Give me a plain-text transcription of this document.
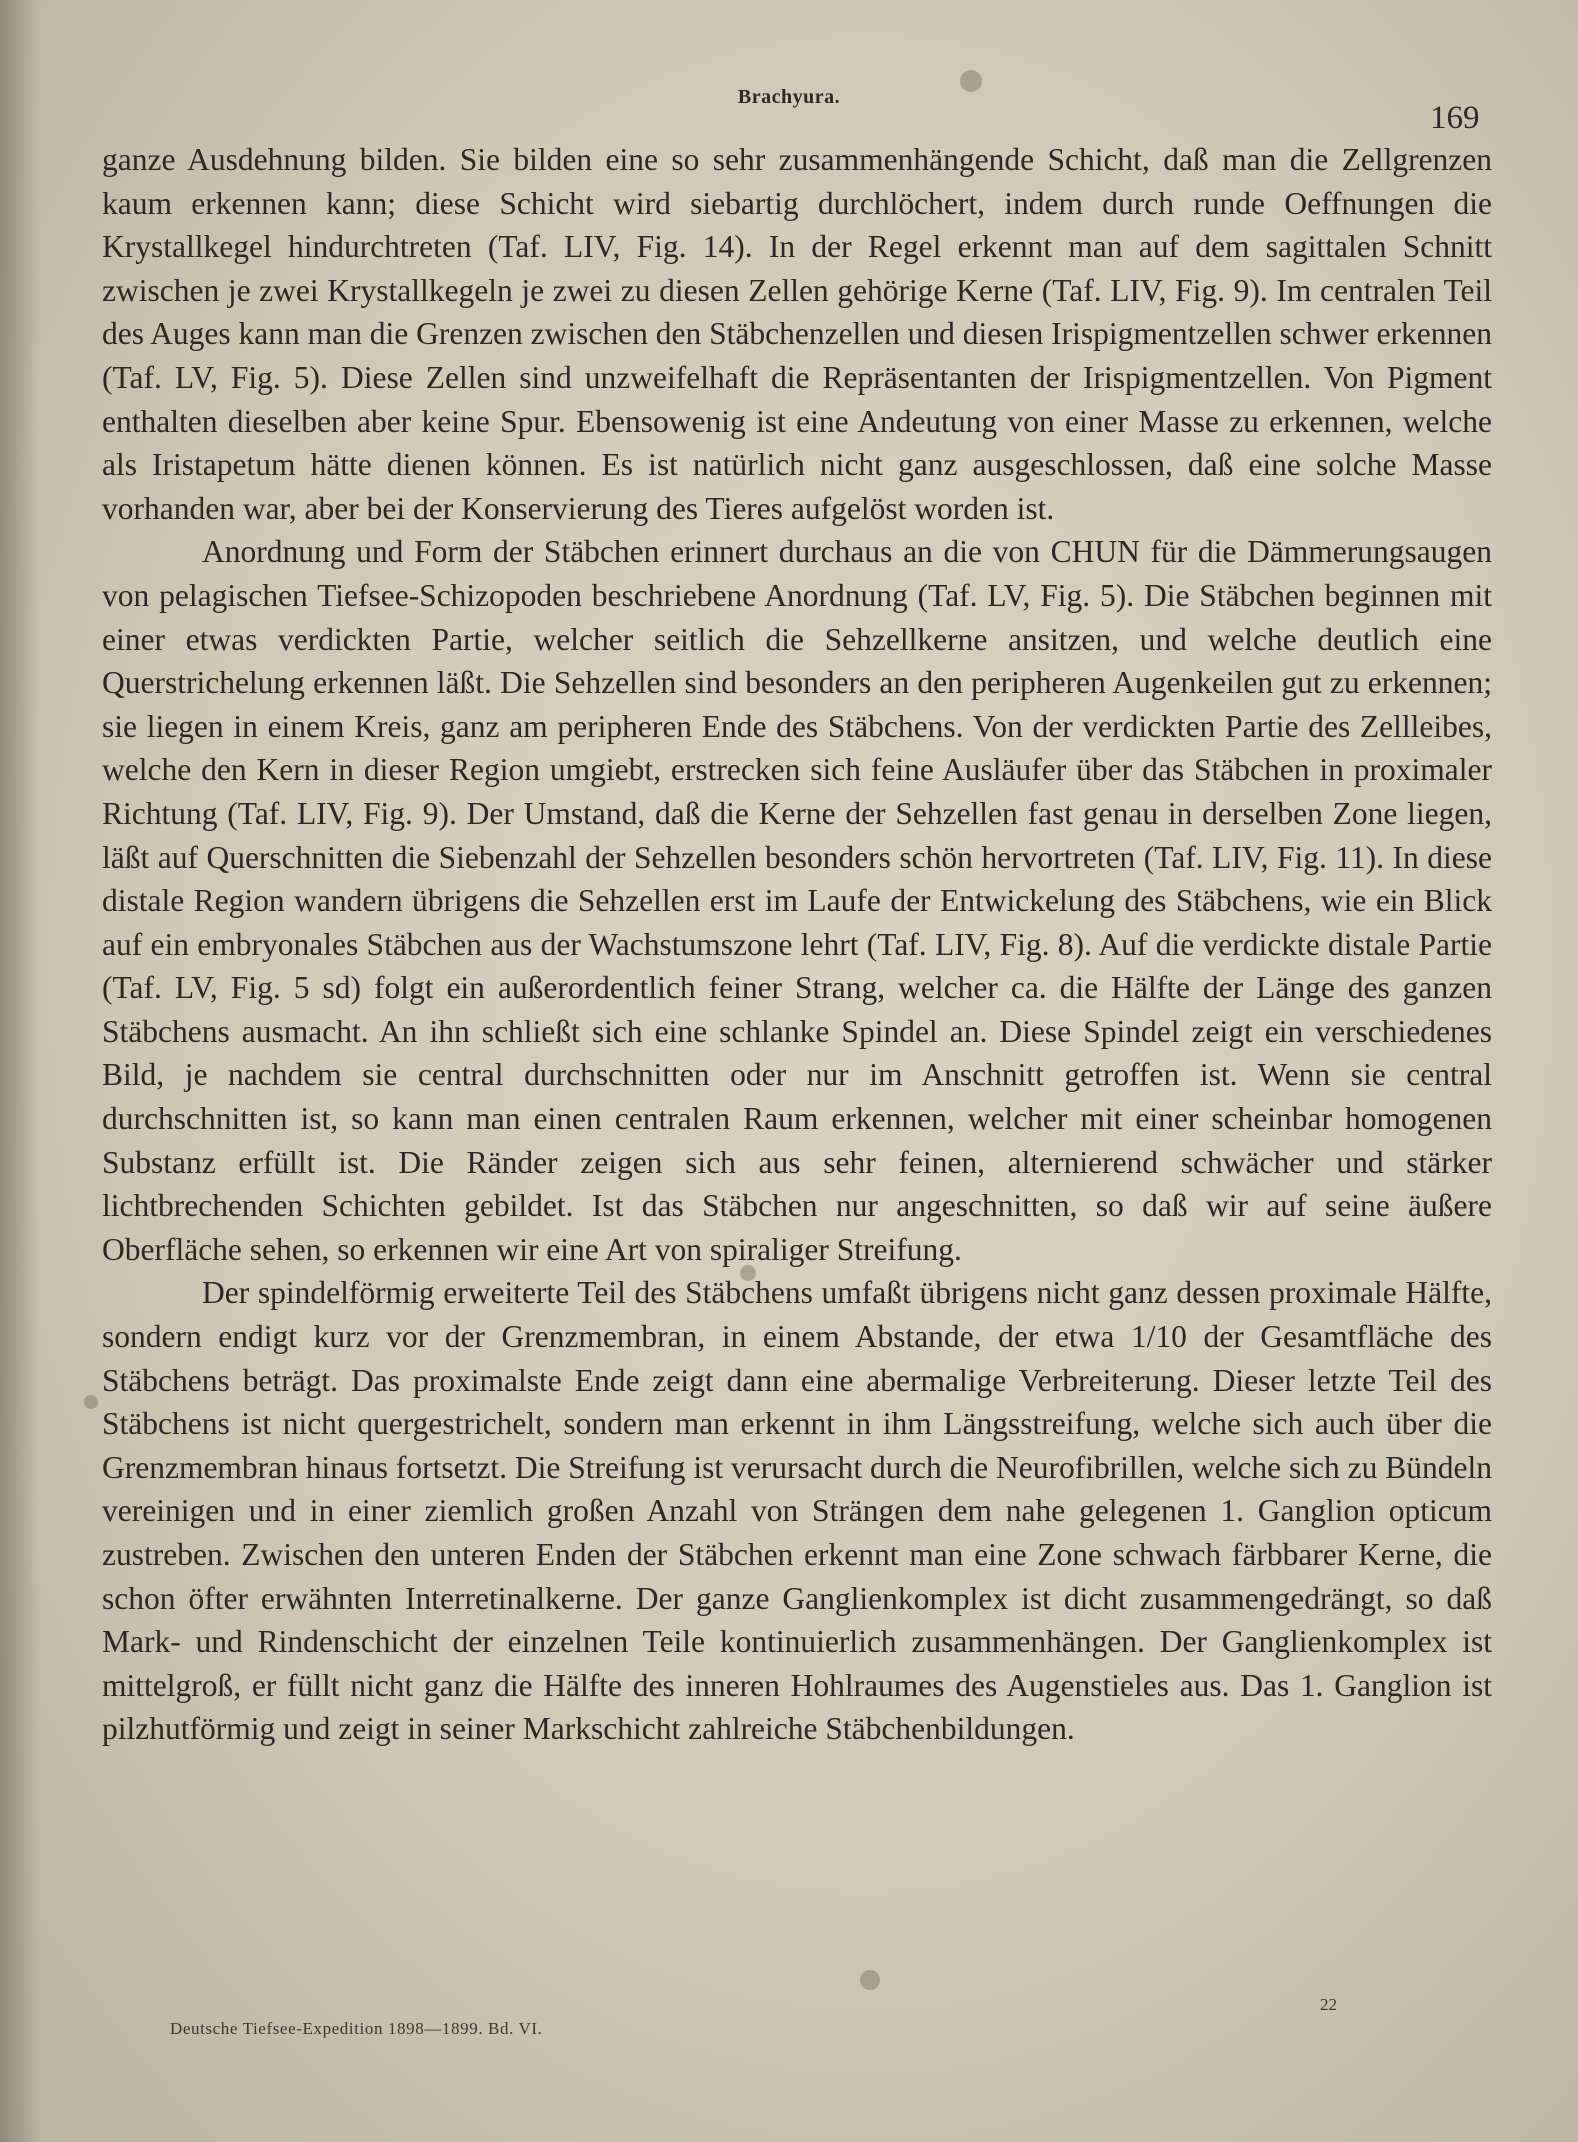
Brachyura.
169

ganze Ausdehnung bilden. Sie bilden eine so sehr zusammenhängende Schicht, daß man die Zellgrenzen kaum erkennen kann; diese Schicht wird siebartig durchlöchert, indem durch runde Oeffnungen die Krystallkegel hindurchtreten (Taf. LIV, Fig. 14). In der Regel erkennt man auf dem sagittalen Schnitt zwischen je zwei Krystallkegeln je zwei zu diesen Zellen gehörige Kerne (Taf. LIV, Fig. 9). Im centralen Teil des Auges kann man die Grenzen zwischen den Stäbchenzellen und diesen Irispigmentzellen schwer erkennen (Taf. LV, Fig. 5). Diese Zellen sind unzweifelhaft die Repräsentanten der Irispigmentzellen. Von Pigment enthalten dieselben aber keine Spur. Ebensowenig ist eine Andeutung von einer Masse zu erkennen, welche als Iristapetum hätte dienen können. Es ist natürlich nicht ganz ausgeschlossen, daß eine solche Masse vorhanden war, aber bei der Konservierung des Tieres aufgelöst worden ist.

Anordnung und Form der Stäbchen erinnert durchaus an die von CHUN für die Dämmerungsaugen von pelagischen Tiefsee-Schizopoden beschriebene Anordnung (Taf. LV, Fig. 5). Die Stäbchen beginnen mit einer etwas verdickten Partie, welcher seitlich die Sehzellkerne ansitzen, und welche deutlich eine Querstrichelung erkennen läßt. Die Sehzellen sind besonders an den peripheren Augenkeilen gut zu erkennen; sie liegen in einem Kreis, ganz am peripheren Ende des Stäbchens. Von der verdickten Partie des Zellleibes, welche den Kern in dieser Region umgiebt, erstrecken sich feine Ausläufer über das Stäbchen in proximaler Richtung (Taf. LIV, Fig. 9). Der Umstand, daß die Kerne der Sehzellen fast genau in derselben Zone liegen, läßt auf Querschnitten die Siebenzahl der Sehzellen besonders schön hervortreten (Taf. LIV, Fig. 11). In diese distale Region wandern übrigens die Sehzellen erst im Laufe der Entwickelung des Stäbchens, wie ein Blick auf ein embryonales Stäbchen aus der Wachstumszone lehrt (Taf. LIV, Fig. 8). Auf die verdickte distale Partie (Taf. LV, Fig. 5 sd) folgt ein außerordentlich feiner Strang, welcher ca. die Hälfte der Länge des ganzen Stäbchens ausmacht. An ihn schließt sich eine schlanke Spindel an. Diese Spindel zeigt ein verschiedenes Bild, je nachdem sie central durchschnitten oder nur im Anschnitt getroffen ist. Wenn sie central durchschnitten ist, so kann man einen centralen Raum erkennen, welcher mit einer scheinbar homogenen Substanz erfüllt ist. Die Ränder zeigen sich aus sehr feinen, alternierend schwächer und stärker lichtbrechenden Schichten gebildet. Ist das Stäbchen nur angeschnitten, so daß wir auf seine äußere Oberfläche sehen, so erkennen wir eine Art von spiraliger Streifung.

Der spindelförmig erweiterte Teil des Stäbchens umfaßt übrigens nicht ganz dessen proximale Hälfte, sondern endigt kurz vor der Grenzmembran, in einem Abstande, der etwa 1/10 der Gesamtfläche des Stäbchens beträgt. Das proximalste Ende zeigt dann eine abermalige Verbreiterung. Dieser letzte Teil des Stäbchens ist nicht quergestrichelt, sondern man erkennt in ihm Längsstreifung, welche sich auch über die Grenzmembran hinaus fortsetzt. Die Streifung ist verursacht durch die Neurofibrillen, welche sich zu Bündeln vereinigen und in einer ziemlich großen Anzahl von Strängen dem nahe gelegenen 1. Ganglion opticum zustreben. Zwischen den unteren Enden der Stäbchen erkennt man eine Zone schwach färbbarer Kerne, die schon öfter erwähnten Interretinalkerne. Der ganze Ganglienkomplex ist dicht zusammengedrängt, so daß Mark- und Rindenschicht der einzelnen Teile kontinuierlich zusammenhängen. Der Ganglienkomplex ist mittelgroß, er füllt nicht ganz die Hälfte des inneren Hohlraumes des Augenstieles aus. Das 1. Ganglion ist pilzhutförmig und zeigt in seiner Markschicht zahlreiche Stäbchenbildungen.

22
Deutsche Tiefsee-Expedition 1898—1899. Bd. VI.
